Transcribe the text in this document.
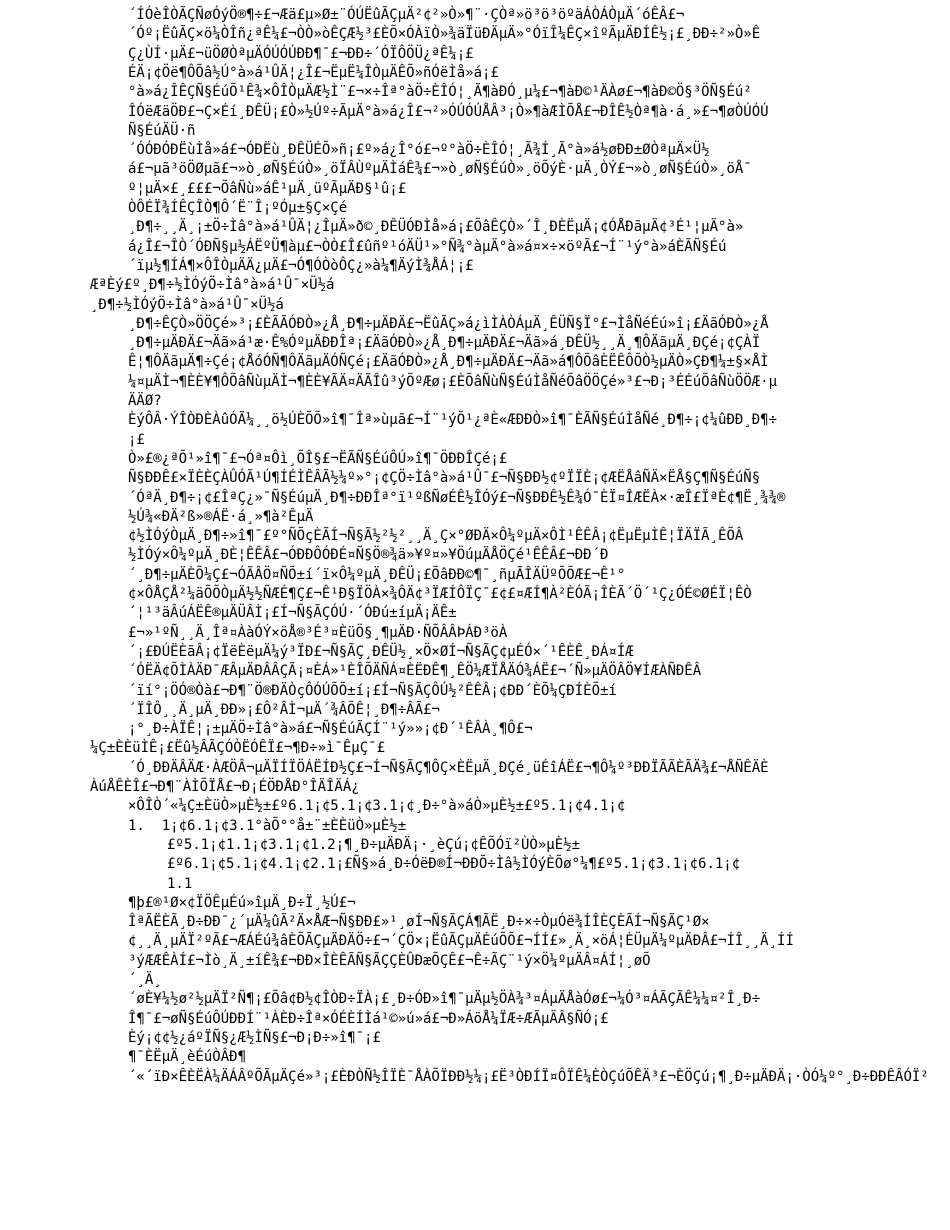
´ÍÓèÎÒÃÇÑøÓýÖ®¶÷£¬Æä£µ»Ø±¨ÓÚËûÃÇµÄ²¢²»Ò»¶¨·ÇÒª»ö³ö³öºäÁÒÁÒµÄ´óÊÂ£¬
´Óº¡ËûÃÇ×ö¼ÒÎñ¿ªÊ¼£¬ÒÒ»òÊÇÆ½³£ÈÕ×ÓÀïÒ»¾äÏüÐÄµÄ»°ÓïÎ¼ÊÇ×îºÃµÄÐÍÊ½¡£¸ÐÐ÷²»Ò»Ê
Ç¿ÙÍ·µÄ£¬üÖØÒªµÄÓÚÓÚÐÐ¶¯£¬ÐÐ÷´ÓÏÔÖÜ¿ªÊ¼¡£
ÉÄ¡¢Öë¶ÔÕâ½Ú°à»á¹ÛÄ¦¿Î£¬ËµË¼ÎÒµÄÊÕ»ñÓëÌå»á¡£
°à»á¿ÎÊÇÑ§ÉúÕ¹Ê¾×ÔÎÒµÄÆ½Ì¨£¬×÷Îª°àÖ÷ÈÎÓ¦¸Ã¶àÐÓ¸µ¼£¬¶àÐ©¹ÄÀø£¬¶àÐ©Ö§³ÖÑ§Éú²
ÎÓëÆäÖÐ£¬Ç×Éí¸ÐÊÜ¡£Ò»½Úº÷ÃµÄ°à»á¿Î£¬²»ÓÚÓÚÅÂ³¡Ò»¶àÆÌÕÅ£¬ÐÎÊ½Òª¶à·á¸»£¬¶øÒÚÓÚ
Ñ§ÉúÄÜ·ñ
´ÓÓÐÓÐËùÌå»á£¬ÓÐËù¸ÐÊÜÉÕ»ñ¡£º»á¿Î°ó£¬º°àÖ÷ÈÎÓ¦¸Ã¾Í¸Ã°à»á½øÐÐ±ØÒªµÄ×Ü½
á£¬µã³öÖØµã£¬»ò¸øÑ§ÉúÒ»¸öÏÂÙºµÄÌáÊ¾£¬»ò¸øÑ§ÉúÒ»¸öÕýÈ·µÄ¸ÒÝ£¬»ò¸øÑ§ÉúÒ»¸öÅ¯
º¦µÄ×£¸£££¬ÕâÑù»áÊ¹µÄ¸üºÃµÄÐ§¹û¡£
ÒÔÉÏ¾ÍÊÇÎÒ¶Ô´Ë¨Î¡ºÓµ±§Ç×Çé
¸Ð¶÷¸¸Ä¸¡±Ö÷Ìâ°à»á¹ÛÄ¦¿ÎµÄ»ð©¸ÐÊÜÓÐÌå»á¡£ÕâÊÇÒ»´Î¸ÐÈËµÄ¡¢ÓÅÐãµÄ¢³É¹¦µÄ°à»
á¿Î£¬ÎÒ´ÓÐÑ§µ½ÁËºÜ¶àµ£¬ÒÒ£Î£ûñº¹óÄÜ¹»°Ñ¾°àµÄ°à»á¤×÷×öºÃ£¬Í¨¹ý°à»áÈÃÑ§Éú
´ïµ½¶ÍÁ¶×ÔÎÒµÄÄ¿µÄ£¬Ó¶ÓÒòÔÇ¿»à¼¶ÄýÌ¾ÅÁ¦¡£
ÆªÈý£º¸Ð¶÷½ÌÓýÖ÷Ìâ°à»á¹Û¯×Ü½á
¸Ð¶÷½ÌÓýÖ÷Ìâ°à»á¹Û¯×Ü½á
¸Ð¶÷ÊÇÒ»ÖÖÇé»³¡£ÈÃÃÓÐÒ»¿Å¸Ð¶÷µÄÐÄ£¬ËûÃÇ»á¿ìÌÀÒÁµÄ¸ÊÜÑ§Ï°£¬ÌåÑéÉú»î¡£ÄãÓÐÒ»¿Å
¸Ð¶÷µÄÐÄ£¬Äã»á¹æ·Ê%ÓºµÄÐÐÎª¡£ÄãÓÐÒ»¿Å¸Ð¶÷µÄÐÄ£¬Äã»á¸ÐÊÜ½¸¸Ä¸¶ÔÄãµÄ¸ÐÇé¡¢ÇÀÏ
Ê¦¶ÔÄãµÄ¶÷Çé¡¢ÅóÓÑ¶ÔÄãµÄÓÑÇé¡£ÄãÓÐÒ»¿Å¸Ð¶÷µÄÐÄ£¬Äã»á¶ÔÕâÈËÊÔÕÒ½µÄÒ»ÇÐ¶¼±§×ÅÌ
¼¤µÄÌ¬¶ÈÈ¥¶ÔÕâÑùµÄÌ¬¶ÈÈ¥ÃÄ¤ÄÃÎû³ýÕºÆø¡£ÈÕâÑùÑ§ÉúÌåÑéÕâÖÖÇé»³£¬Ð¡³ÉÉúÕâÑùÖÖÆ·µ
ÄÄØ?
ÈýÔÂ·ÝÎÒÐÈÀûÓÃ¼¸¸ö½ÚÈÕÕ»î¶¯Îª»ùµã£¬Í¨¹ýÕ¹¿ªÈ«ÆÐÐÒ»î¶¯ÈÃÑ§ÉúÌåÑé¸Ð¶÷¡¢¼ûÐÐ¸Ð¶÷
¡£
Ò»£®¿ªÕ¹»î¶¯£¬Óª¤Ôì¸ÕÎ§£¬ËÃÑ§ÉúÔÚ»î¶¯ÖÐÐÎÇé¡£
Ñ§ÐÐÊ£×ÏÈÈÇÀÛÓÃ¹Ú¶ÍÉÌÊÂÃ½¼º»°¡¢ÇÖ÷Ìâ°à»á¹Û¯£¬Ñ§ÐÐ½¢ºÏÏÈ¡¢ÆËÅâÑÄ×ËÅ§Ç¶Ñ§ÉúÑ§
´ÓªÄ¸Ð¶÷¡¢£ÎªÇ¿»¯Ñ§ÉúµÄ¸Ð¶÷ÐÐÎª°ï¹ºßÑøÉÊ½ÎÓý£¬Ñ§ÐÐÊ½Ê¾Ó¯ÈÏ¤ÎÆËÀ×·æÎ£ÏªÈ¢¶Ë¸¾¾®
½Ú¾«ÐÄ²ß»®ÁË·á¸»¶à²ÊµÄ
¢½ÌÓýÒµÄ¸Ð¶÷»î¶¯£º°ÑÕçÈÃÍ¬Ñ§Ã½²½²¸¸Ä¸Ç×°ØÐÄ×Ô¼ºµÄ×ÔÌ¹ÊÊÂ¡¢ËµËµÌÊ¦ÏÄÏÃ¸ÊÕÂ
½ÌÓý×Ô¼ºµÄ¸ÐÈ¦ÊÊÂ£¬ÓÐÐÔÓÐÉ¤Ñ§Ö®¾ä»¥º¤»¥ÖúµÄÅÖÇé¹ÊÊÂ£¬ÐÐ´Ð
´¸Ð¶÷µÄÈÕ¼Ç£¬ÓÃÂÖ¤ÑÕ±í´ï×Ô¼ºµÄ¸ÐÊÜ¡£ÕâÐÐ©¶¯¸ñµÃÎÄÜºÕÕÆ£¬Ê¹°
¢×ÔÅÇÅ²¼äÕÕÒµÄ½½ÑÆÉ¶Ç£¬Ê¹Ð§ÏÖÀ×¾ÔÄ¢³ÏÆÍÔÏÇ¯£¢£¤ÆÍ¶À²ÈÓÃ¡ÎÈÃ´Ö´¹Ç¿ÓÉ©ØÉÏ¦ÊÒ
´¦¹³äÂúÁËÊ®µÄÜÂÌ¡£Í¬Ñ§ÃÇÓÚ·´ÓÐú±íµÄ¡ÄÊ±
£¬»¹ºÑ¸¸Ä¸Îª¤ÀàÓÝ×öÅ®³É³¤ÈüÖ§¸¶µÄÐ·ÑÕÂÂÞÁÐ³öÀ
´¡£ÐÚËÈãÂ¡¢ÏëÈëµÄ¼ý³ÏÐ£¬Ñ§ÃÇ¸ÐÊÜ½¸×Ö×ØÍ¬Ñ§ÃÇ¢µÉÓ×´¹ÊÈÊ¸ÐÁ¤ÍÆ
´ÓËÄ¢ÕÌÀÄÐ¯ÆÂµÄÐÂÂÇÃ¡¤ÈÁ»¹ÈÎÕÄÑÁ¤ÈËÐÊ¶¸ÊÖ¼ÆÏÅÄÓ¾ÁË£¬´Ñ»µÄÖÂÖ¥ÍÆÀÑÐÊÂ
´ïí°¡ÖÓ®Òà£¬Ð¶¨Ö®ÐÄÒçÔÓÚÕÕ±í¡£Í¬Ñ§ÃÇÔÚ½²ÊÊÂ¡¢ÐÐ´ÈÕ¼ÇÐÍÈÕ±í
´ÏÎÔ¸¸Ä¸µÄ¸ÐÐ»¡£Ô²ÂÌ¬µÄ´¾ÂÕÊ¦¸Ð¶÷ÂÃ£¬
¡°¸Ð÷ÀÏÊ¦¡±µÄÖ÷Ìâ°à»á£¬Ñ§ÉúÃÇÍ¨¹ý»»¡¢Ð´¹ÊÂÀ¸¶Ô£¬
¼Ç±ÈÈüÌÊ¡£Ëû½ÂÃÇÓÒËÓÊÏ£¬¶Ð÷»ì¯ÊµÇ¯£
´Ó¸ÐÐÄÂÄÆ·ÀÆÖÂ¬µÄÏÍÏÖÁËÍÐ½Ç£¬Í¬Ñ§ÃÇ¶ÔÇ×ÈËµÄ¸ÐÇé¸üÉîÁË£¬¶Ô¼º³ÐÐÏÃÃÈÃÄ¾£¬ÅÑÊÄÈ
ÀúÅÊÈÎ£¬Ð¶¨ÀÌÕÏÅ£¬Ð¡ÉÖÐÅÐ°ÎÄÎÄÁ¿
×ÔÎÒ´«¼Ç±ÈüÒ»µÈ½±£º6.1¡¢5.1¡¢3.1¡¢¸Ð÷°à»áÒ»µÈ½±£º5.1¡¢4.1¡¢
1.  1¡¢6.1¡¢3.1°àÕ°°å±¨±ÈÈüÒ»µÈ½±
£º5.1¡¢1.1¡¢3.1¡¢1.2¡¶¸Ð÷µÄÐÄ¡·¸èÇú¡¢ÊÕÓï²ÙÒ»µÈ½±
£º6.1¡¢5.1¡¢4.1¡¢2.1¡£Ñ§»á¸Ð÷ÓëÐ®Í¬ÐÐÕ÷Ìâ½ÌÓýÈÕø°¼¶£º5.1¡¢3.1¡¢6.1¡¢
1.1
¶þ£®¹Ø×¢ÏÖÊµÉú»îµÄ¸Ð÷Ï¸½Ú£¬
ÎªÃËÈÃ¸Ð÷ÐÐ¯¿´µÄ¼ûÃ²Ä×ÅÆ¬Ñ§ÐÐ£»¹¸øÍ¬Ñ§ÃÇÁ¶ÃË¸Ð÷×÷ÒµÓë¾ÍÎÈÇÈÃÍ¬Ñ§ÃÇ¹Ø×
¢¸¸Ä¸µÄÏ²ºÃ£¬ÆÁÉú¾âÈÕÃÇµÄÐÄÖ÷£¬´ÇÖ×¡ËûÃÇµÄÉúÕÕ£¬ÍÍ£»¸Ä¸×öÁ¦ÈÜµÄ¼ºµÄÐÂ£¬ÍÎ¸¸Ä¸ÍÍ
³ýÆÆÊÀÍ£¬Ìò¸Ä¸±íÊ¾£¬ÐÐ×ÎÈÊÃÑ§ÃÇÇÈÛÐæÕÇÊ£¬Ê÷ÃÇ¨¹ý×Ö¼ºµÄÂ¤ÁÍ¦¸øÕ
´¸Ä¸
´øÈ¥¼½ø²½µÄÏ²Ñ¶¡£Õâ¢Ð½¢ÎÒÐ÷ÏÀ¡£¸Ð÷ÓÐ»î¶¯µÄµ½ÖÀ¾³¤ÁµÄÅàÓø£¬¼Ó³¤ÁÃÇÃÊ¼¼¤²Î¸Ð÷
Î¶¯£¬øÑ§ÉúÔÚÐÐÍ¨¹ÀÈÐ÷Îª×ÓÉÈÍÌá¹©»ú»á£¬Ð»ÁöÅ¼ÏÆ÷ÆÃµÄÂ§ÑÓ¡£
Èý¡¢¢½¿áºÏÑ§¿Æ½ÌÑ§£¬Ð¡Ð÷»î¶¯¡£
¶¯ÈËµÄ¸èÉúÒÂÐ¶
´«´ïÐ×ÊÈËÀ¼ÄÁÂºÕÃµÄÇé»³¡£ÈÐÒÑ½ÎÏÈ¯ÅÀÕÏÐÐ½¼¡£Ë³ÒÐÍÏ¤ÔÏÊ¼ÈÒÇúÕÊÄ³£¬ÈÖÇú¡¶¸Ð÷µÄÐÄ¡·ÒÓ¼º°¸Ð÷ÐÐÊÂÓÏ²
